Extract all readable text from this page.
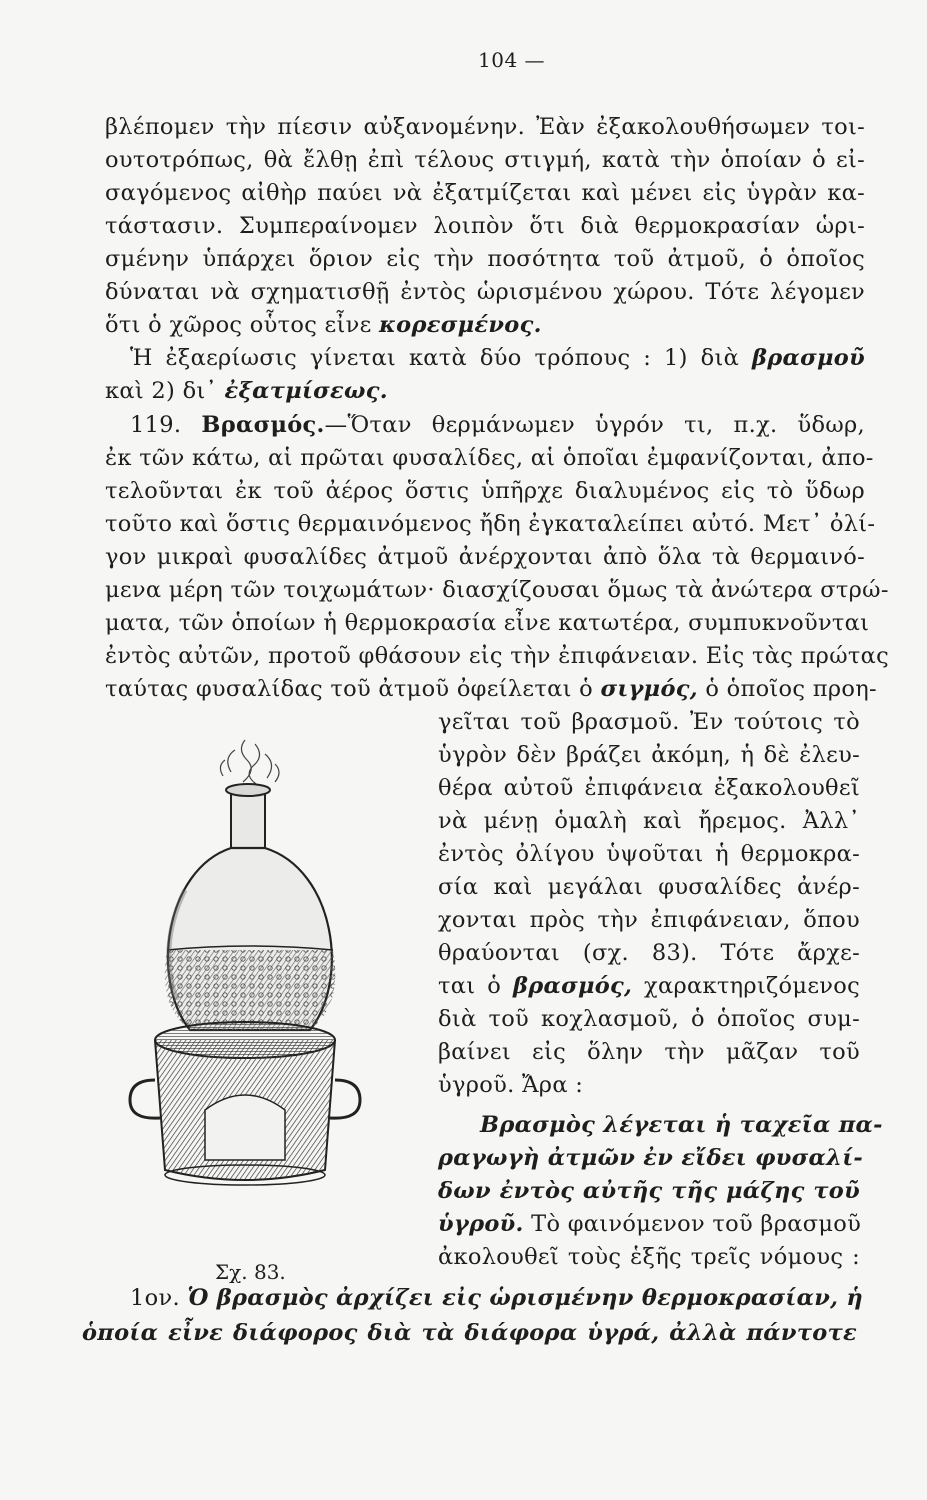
104 —
βλέπομεν τὴν πίεσιν αὐξανομένην. Ἐὰν ἐξακολουθήσωμεν τοι-
ουτοτρόπως, θὰ ἔλθῃ ἐπὶ τέλους στιγμή, κατὰ τὴν ὁποίαν ὁ εἰ-
σαγόμενος αἰθὴρ παύει νὰ ἐξατμίζεται καὶ μένει εἰς ὑγρὰν κα-
τάστασιν. Συμπεραίνομεν λοιπὸν ὅτι διὰ θερμοκρασίαν ὡρι-
σμένην ὑπάρχει ὅριον εἰς τὴν ποσότητα τοῦ ἀτμοῦ, ὁ ὁποῖος
δύναται νὰ σχηματισθῇ ἐντὸς ὡρισμένου χώρου. Τότε λέγομεν
ὅτι ὁ χῶρος οὗτος εἶνε κορεσμένος.
Ἡ ἐξαερίωσις γίνεται κατὰ δύο τρόπους : 1) διὰ βρασμοῦ
καὶ 2) δι᾽ ἐξατμίσεως.
119. Βρασμός.—Ὅταν θερμάνωμεν ὑγρόν τι, π.χ. ὕδωρ,
ἐκ τῶν κάτω, αἱ πρῶται φυσαλίδες, αἱ ὁποῖαι ἐμφανίζονται, ἀπο-
τελοῦνται ἐκ τοῦ ἀέρος ὅστις ὑπῆρχε διαλυμένος εἰς τὸ ὕδωρ
τοῦτο καὶ ὅστις θερμαινόμενος ἤδη ἐγκαταλείπει αὐτό. Μετ᾽ ὀλί-
γον μικραὶ φυσαλίδες ἀτμοῦ ἀνέρχονται ἀπὸ ὅλα τὰ θερμαινό-
μενα μέρη τῶν τοιχωμάτων· διασχίζουσαι ὅμως τὰ ἀνώτερα στρώ-
ματα, τῶν ὁποίων ἡ θερμοκρασία εἶνε κατωτέρα, συμπυκνοῦνται
ἐντὸς αὐτῶν, προτοῦ φθάσουν εἰς τὴν ἐπιφάνειαν. Εἰς τὰς πρώτας
ταύτας φυσαλίδας τοῦ ἀτμοῦ ὀφείλεται ὁ σιγμός, ὁ ὁποῖος προη-
γεῖται τοῦ βρασμοῦ. Ἐν τούτοις τὸ
ὑγρὸν δὲν βράζει ἀκόμη, ἡ δὲ ἐλευ-
θέρα αὐτοῦ ἐπιφάνεια ἐξακολουθεῖ
νὰ μένῃ ὁμαλὴ καὶ ἤρεμος. Ἀλλ᾽
ἐντὸς ὀλίγου ὑψοῦται ἡ θερμοκρα-
σία καὶ μεγάλαι φυσαλίδες ἀνέρ-
χονται πρὸς τὴν ἐπιφάνειαν, ὅπου
θραύονται (σχ. 83). Τότε ἄρχε-
ται ὁ βρασμός, χαρακτηριζόμενος
διὰ τοῦ κοχλασμοῦ, ὁ ὁποῖος συμ-
βαίνει εἰς ὅλην τὴν μᾶζαν τοῦ
ὑγροῦ. Ἄρα :
Βρασμὸς λέγεται ἡ ταχεῖα πα-
ραγωγὴ ἀτμῶν ἐν εἴδει φυσαλί-
δων ἐντὸς αὐτῆς τῆς μάζης τοῦ
ὑγροῦ. Τὸ φαινόμενον τοῦ βρασμοῦ
ἀκολουθεῖ τοὺς ἑξῆς τρεῖς νόμους :
1ον. Ὁ βρασμὸς ἀρχίζει εἰς ὡρισμένην θερμοκρασίαν, ἡ
ὁποία εἶνε διάφορος διὰ τὰ διάφορα ὑγρά, ἀλλὰ πάντοτε
Σχ. 83.
